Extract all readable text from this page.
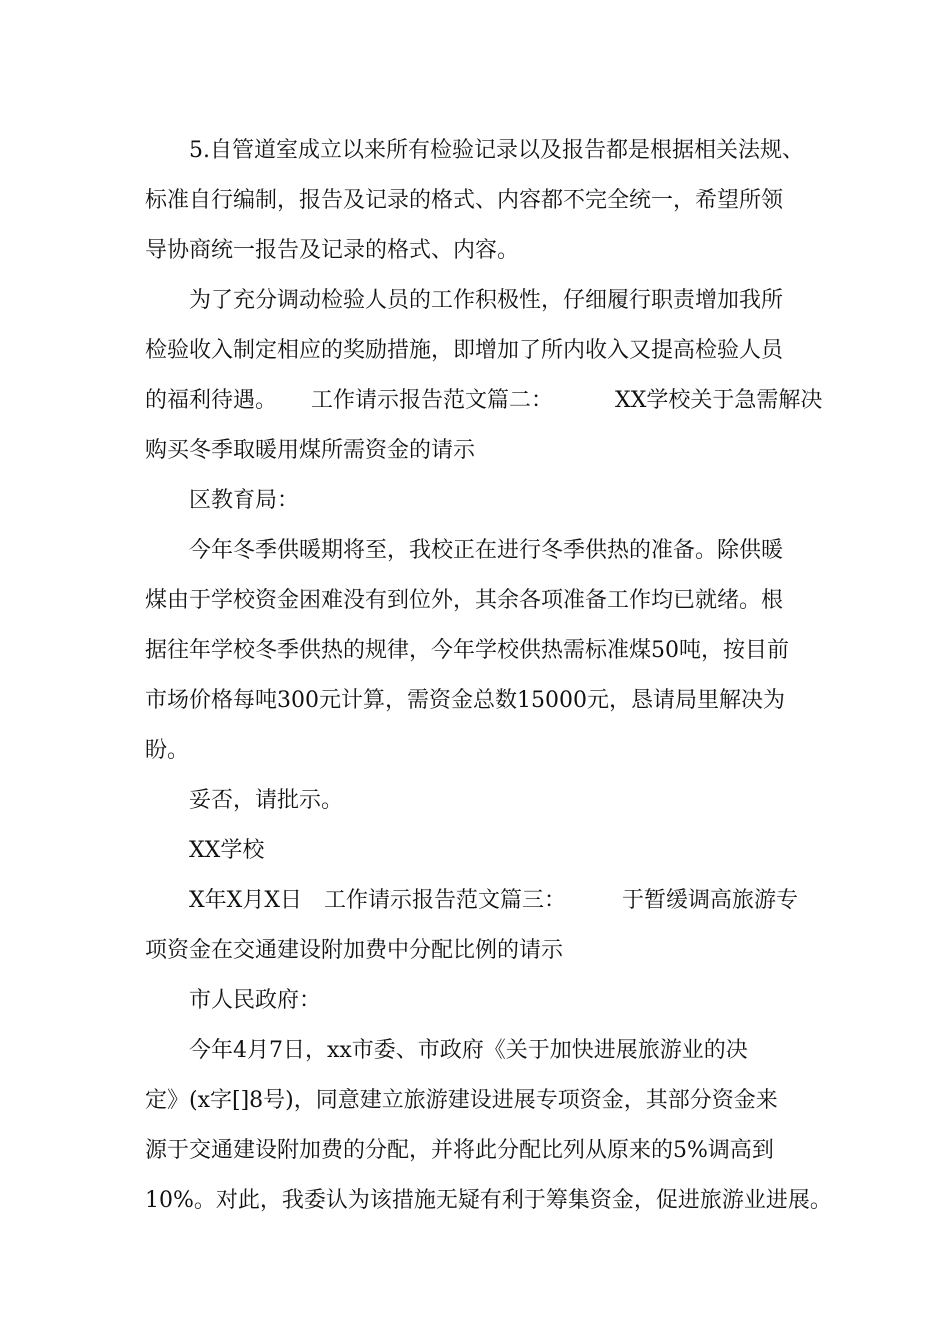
5.自管道室成立以来所有检验记录以及报告都是根据相关法规、
标准自行编制，报告及记录的格式、内容都不完全统一，希望所领
导协商统一报告及记录的格式、内容。
为了充分调动检验人员的工作积极性，仔细履行职责增加我所
检验收入制定相应的奖励措施，即增加了所内收入又提高检验人员
的福利待遇。 工作请示报告范文篇二：	XX学校关于急需解决
购买冬季取暖用煤所需资金的请示
区教育局：
今年冬季供暖期将至，我校正在进行冬季供热的准备。除供暖
煤由于学校资金困难没有到位外，其余各项准备工作均已就绪。根
据往年学校冬季供热的规律，今年学校供热需标准煤50吨，按目前
市场价格每吨300元计算，需资金总数15000元，恳请局里解决为
盼。
妥否，请批示。
XX学校
X年X月X日 工作请示报告范文篇三：	于暂缓调高旅游专
项资金在交通建设附加费中分配比例的请示
市人民政府：
今年4月7日，xx市委、市政府《关于加快进展旅游业的决
定》(x字[]8号)，同意建立旅游建设进展专项资金，其部分资金来
源于交通建设附加费的分配，并将此分配比列从原来的5%调高到
10%。对此，我委认为该措施无疑有利于筹集资金，促进旅游业进展。
